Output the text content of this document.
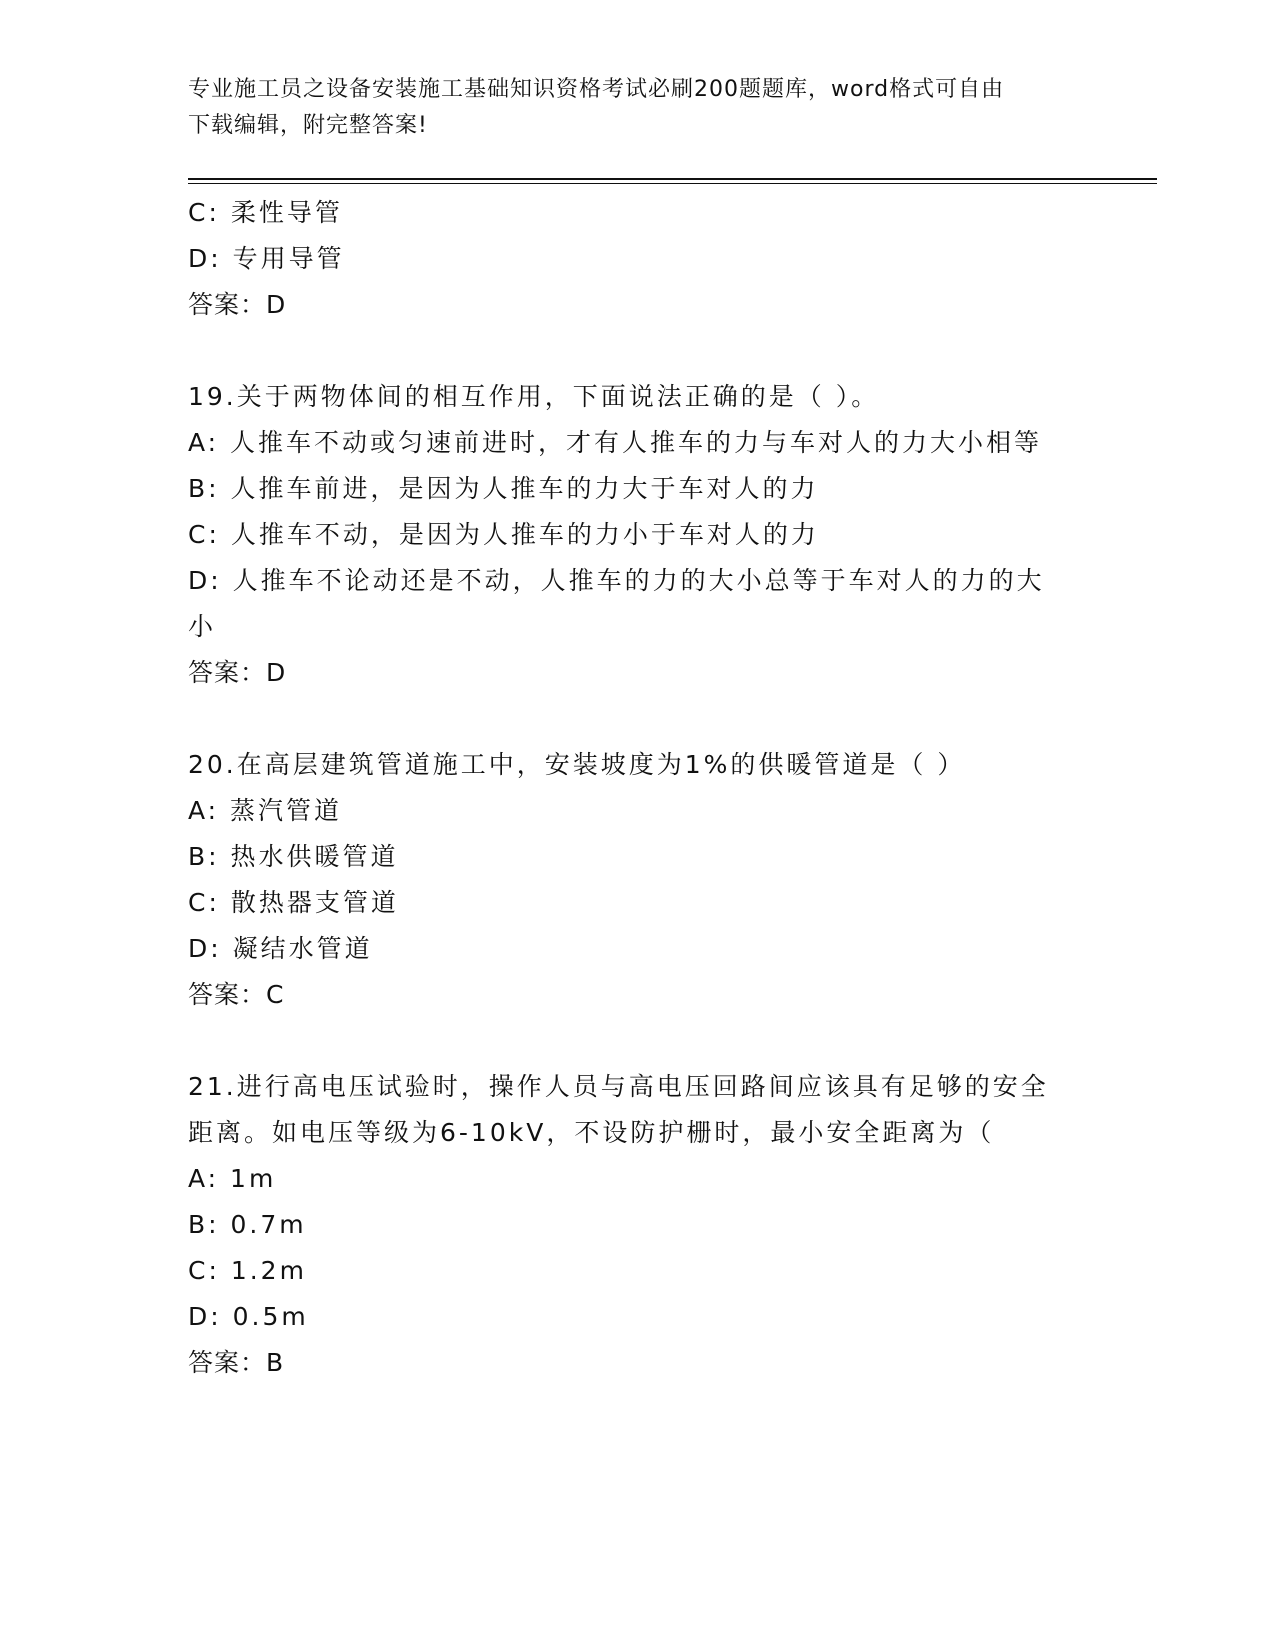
专业施工员之设备安装施工基础知识资格考试必刷200题题库，word格式可自由
下载编辑，附完整答案!
C: 柔性导管
D: 专用导管
答案：D
19.关于两物体间的相互作用，下面说法正确的是（ ）。
A: 人推车不动或匀速前进时，才有人推车的力与车对人的力大小相等
B: 人推车前进，是因为人推车的力大于车对人的力
C: 人推车不动，是因为人推车的力小于车对人的力
D: 人推车不论动还是不动，人推车的力的大小总等于车对人的力的大
小
答案：D
20.在高层建筑管道施工中，安装坡度为1%的供暖管道是（ ）
A: 蒸汽管道
B: 热水供暖管道
C: 散热器支管道
D: 凝结水管道
答案：C
21.进行高电压试验时，操作人员与高电压回路间应该具有足够的安全
距离。如电压等级为6-10kV，不设防护栅时，最小安全距离为（
A: 1m
B: 0.7m
C: 1.2m
D: 0.5m
答案：B
